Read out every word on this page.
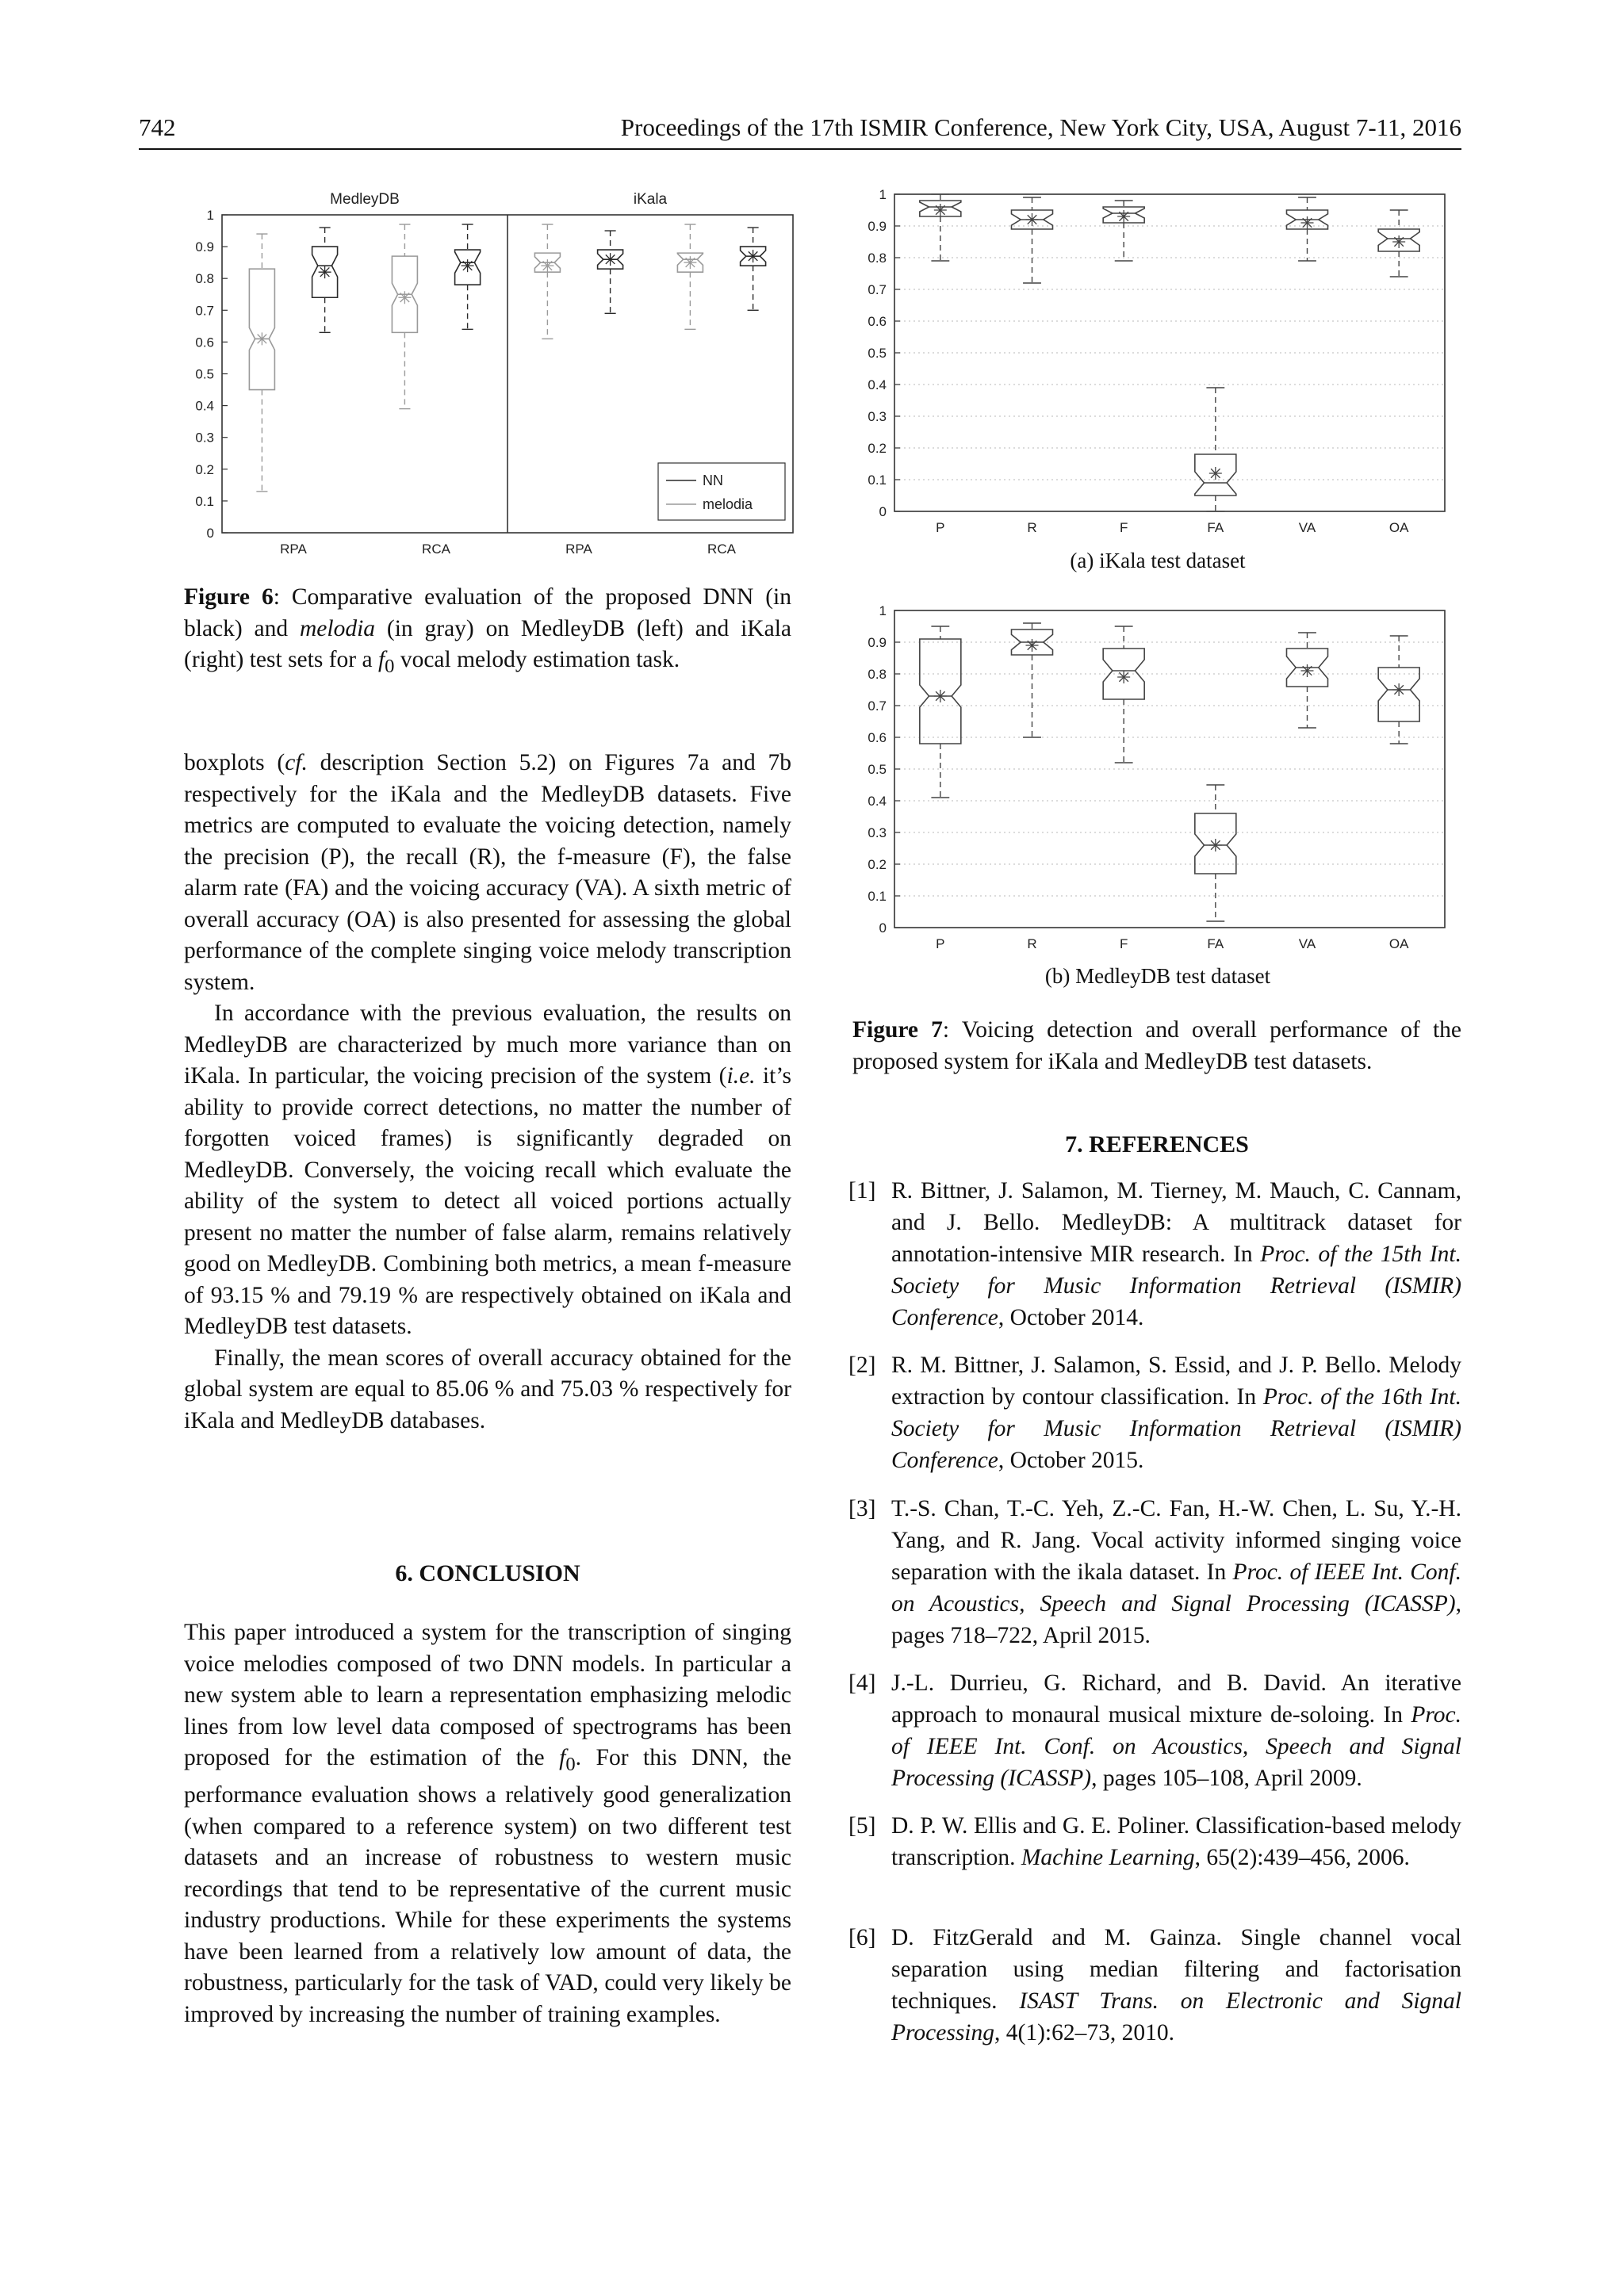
742	Proceedings of the 17th ISMIR Conference, New York City, USA, August 7-11, 2016
0
0.1
0.2
0.3
0.4
0.5
0.6
0.7
0.8
0.9
1
MedleyDB	iKala
RPA	RCA	RPA	RCA
NN
melodia
Figure 6: Comparative evaluation of the proposed DNN (in black) and melodia (in gray) on MedleyDB (left) and iKala (right) test sets for a $f_0$ vocal melody estimation task.

boxplots (cf. description Section 5.2) on Figures 7a and 7b respectively for the iKala and the MedleyDB datasets. Five metrics are computed to evaluate the voicing detection, namely the precision (P), the recall (R), the f-measure (F), the false alarm rate (FA) and the voicing accuracy (VA). A sixth metric of overall accuracy (OA) is also presented for assessing the global performance of the complete singing voice melody transcription system.

In accordance with the previous evaluation, the results on MedleyDB are characterized by much more variance than on iKala. In particular, the voicing precision of the system (i.e. it’s ability to provide correct detections, no matter the number of forgotten voiced frames) is significantly degraded on MedleyDB. Conversely, the voicing recall which evaluate the ability of the system to detect all voiced portions actually present no matter the number of false alarm, remains relatively good on MedleyDB. Combining both metrics, a mean f-measure of 93.15 % and 79.19 % are respectively obtained on iKala and MedleyDB test datasets.

Finally, the mean scores of overall accuracy obtained for the global system are equal to 85.06 % and 75.03 % respectively for iKala and MedleyDB databases.

6. CONCLUSION

This paper introduced a system for the transcription of singing voice melodies composed of two DNN models. In particular a new system able to learn a representation emphasizing melodic lines from low level data composed of spectrograms has been proposed for the estimation of the $f_0$. For this DNN, the performance evaluation shows a relatively good generalization (when compared to a reference system) on two different test datasets and an increase of robustness to western music recordings that tend to be representative of the current music industry productions. While for these experiments the systems have been learned from a relatively low amount of data, the robustness, particularly for the task of VAD, could very likely be improved by increasing the number of training examples.

0
0.1
0.2
0.3
0.4
0.5
0.6
0.7
0.8
0.9
1
P	R	F	FA	VA	OA
(a) iKala test dataset
0
0.1
0.2
0.3
0.4
0.5
0.6
0.7
0.8
0.9
1
P	R	F	FA	VA	OA
(b) MedleyDB test dataset
Figure 7: Voicing detection and overall performance of the proposed system for iKala and MedleyDB test datasets.
7. REFERENCES
[1] R. Bittner, J. Salamon, M. Tierney, M. Mauch, C. Cannam, and J. Bello. MedleyDB: A multitrack dataset for annotation-intensive MIR research. In Proc. of the 15th Int. Society for Music Information Retrieval (ISMIR) Conference, October 2014.
[2] R. M. Bittner, J. Salamon, S. Essid, and J. P. Bello. Melody extraction by contour classification. In Proc. of the 16th Int. Society for Music Information Retrieval (ISMIR) Conference, October 2015.
[3] T.-S. Chan, T.-C. Yeh, Z.-C. Fan, H.-W. Chen, L. Su, Y.-H. Yang, and R. Jang. Vocal activity informed singing voice separation with the ikala dataset. In Proc. of IEEE Int. Conf. on Acoustics, Speech and Signal Processing (ICASSP), pages 718–722, April 2015.
[4] J.-L. Durrieu, G. Richard, and B. David. An iterative approach to monaural musical mixture de-soloing. In Proc. of IEEE Int. Conf. on Acoustics, Speech and Signal Processing (ICASSP), pages 105–108, April 2009.
[5] D. P. W. Ellis and G. E. Poliner. Classification-based melody transcription. Machine Learning, 65(2):439–456, 2006.
[6] D. FitzGerald and M. Gainza. Single channel vocal separation using median filtering and factorisation techniques. ISAST Trans. on Electronic and Signal Processing, 4(1):62–73, 2010.
